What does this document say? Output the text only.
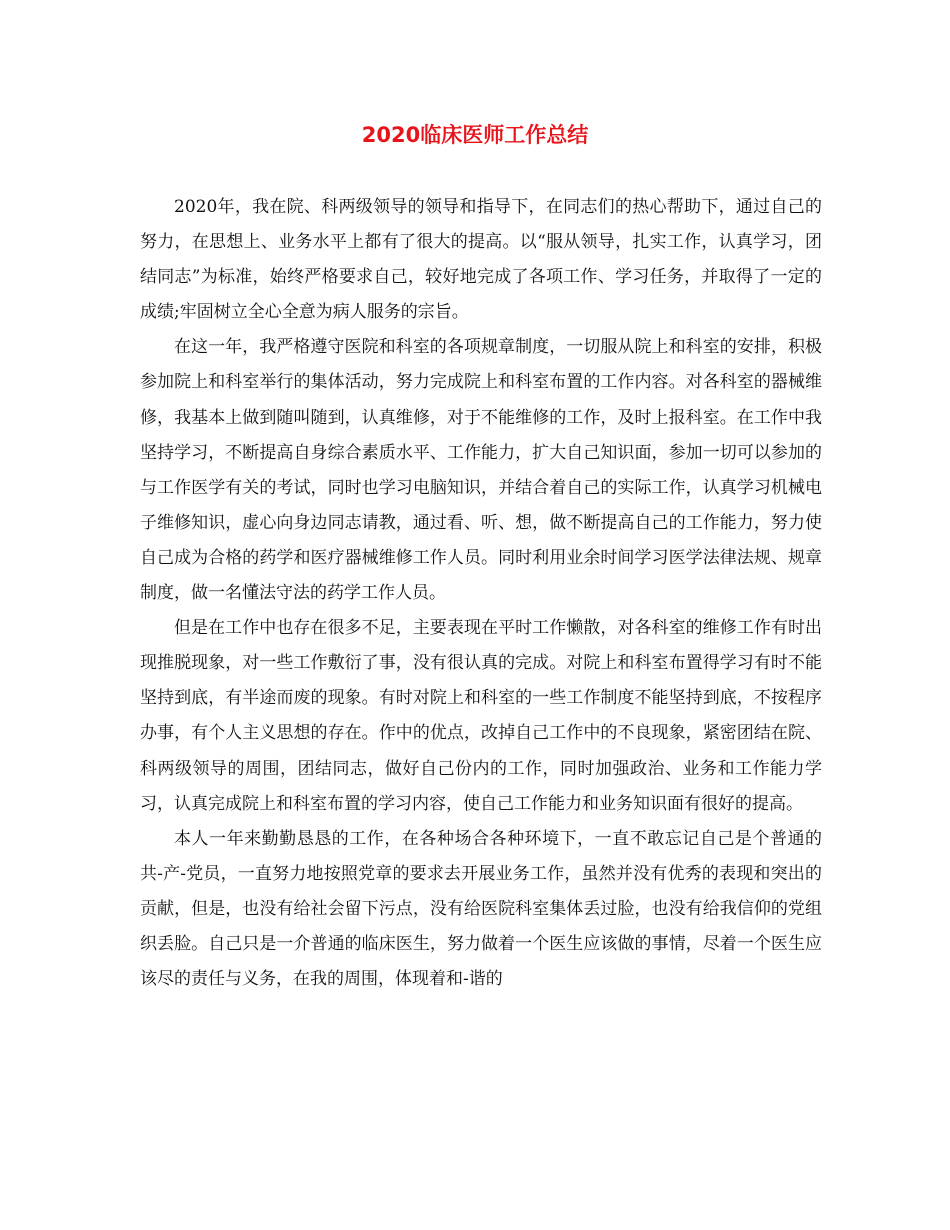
2020临床医师工作总结

2020年，我在院、科两级领导的领导和指导下，在同志们的热心帮助下，通过自己的努力，在思想上、业务水平上都有了很大的提高。以“服从领导，扎实工作，认真学习，团结同志”为标准，始终严格要求自己，较好地完成了各项工作、学习任务，并取得了一定的成绩;牢固树立全心全意为病人服务的宗旨。

在这一年，我严格遵守医院和科室的各项规章制度，一切服从院上和科室的安排，积极参加院上和科室举行的集体活动，努力完成院上和科室布置的工作内容。对各科室的器械维修，我基本上做到随叫随到，认真维修，对于不能维修的工作，及时上报科室。在工作中我坚持学习，不断提高自身综合素质水平、工作能力，扩大自己知识面，参加一切可以参加的与工作医学有关的考试，同时也学习电脑知识，并结合着自己的实际工作，认真学习机械电子维修知识，虚心向身边同志请教，通过看、听、想，做不断提高自己的工作能力，努力使自己成为合格的药学和医疗器械维修工作人员。同时利用业余时间学习医学法律法规、规章制度，做一名懂法守法的药学工作人员。

但是在工作中也存在很多不足，主要表现在平时工作懒散，对各科室的维修工作有时出现推脱现象，对一些工作敷衍了事，没有很认真的完成。对院上和科室布置得学习有时不能坚持到底，有半途而废的现象。有时对院上和科室的一些工作制度不能坚持到底，不按程序办事，有个人主义思想的存在。作中的优点，改掉自己工作中的不良现象，紧密团结在院、科两级领导的周围，团结同志，做好自己份内的工作，同时加强政治、业务和工作能力学习，认真完成院上和科室布置的学习内容，使自己工作能力和业务知识面有很好的提高。

本人一年来勤勤恳恳的工作，在各种场合各种环境下，一直不敢忘记自己是个普通的共-产-党员，一直努力地按照党章的要求去开展业务工作，虽然并没有优秀的表现和突出的贡献，但是，也没有给社会留下污点，没有给医院科室集体丢过脸，也没有给我信仰的党组织丢脸。自己只是一介普通的临床医生，努力做着一个医生应该做的事情，尽着一个医生应该尽的责任与义务，在我的周围，体现着和-谐的
